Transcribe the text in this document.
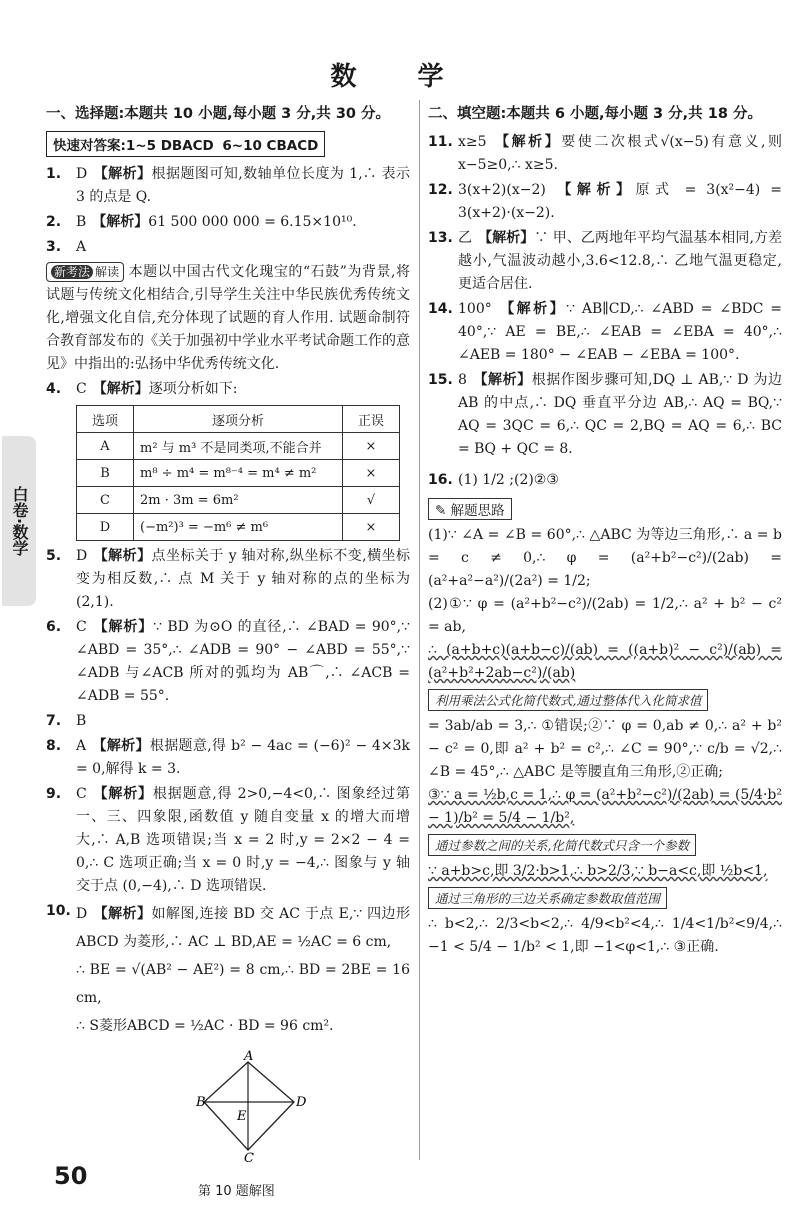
数 学
白卷·数学
一、选择题:本题共 10 小题,每小题 3 分,共 30 分。
快速对答案:1~5 DBACD 6~10 CBACD
1.	D 【解析】根据题图可知,数轴单位长度为 1,∴ 表示 3 的点是 Q.
2.	B 【解析】61 500 000 000 = 6.15×10¹⁰.
3.	A
新考法 解读 本题以中国古代文化瑰宝的“石鼓”为背景,将试题与传统文化相结合,引导学生关注中华民族优秀传统文化,增强文化自信,充分体现了试题的育人作用. 试题命制符合教育部发布的《关于加强初中学业水平考试命题工作的意见》中指出的:弘扬中华优秀传统文化.
4.	C 【解析】逐项分析如下:
选项	逐项分析	正误
A	m² 与 m³ 不是同类项,不能合并	×
B	m⁸ ÷ m⁴ = m⁸⁻⁴ = m⁴ ≠ m²	×
C	2m · 3m = 6m²	√
D	(−m²)³ = −m⁶ ≠ m⁶	×
5.	D 【解析】点坐标关于 y 轴对称,纵坐标不变,横坐标变为相反数,∴ 点 M 关于 y 轴对称的点的坐标为 (2,1).
6.	C 【解析】∵ BD 为⊙O 的直径,∴ ∠BAD = 90°,∵ ∠ABD = 35°,∴ ∠ADB = 90° − ∠ABD = 55°,∵ ∠ADB 与∠ACB 所对的弧均为 AB⌒,∴ ∠ACB = ∠ADB = 55°.
7.	B
8.	A 【解析】根据题意,得 b² − 4ac = (−6)² − 4×3k = 0,解得 k = 3.
9.	C 【解析】根据题意,得 2>0,−4<0,∴ 图象经过第一、三、四象限,函数值 y 随自变量 x 的增大而增大,∴ A,B 选项错误;当 x = 2 时,y = 2×2 − 4 = 0,∴ C 选项正确;当 x = 0 时,y = −4,∴ 图象与 y 轴交于点 (0,−4),∴ D 选项错误.
10. D 【解析】如解图,连接 BD 交 AC 于点 E,∵ 四边形 ABCD 为菱形,∴ AC ⊥ BD,AE = ½AC = 6 cm,
∴ BE = √(AB² − AE²) = 8 cm,∴ BD = 2BE = 16 cm,
∴ S菱形ABCD = ½AC · BD = 96 cm².
A
B
C
D
E
第 10 题解图
二、填空题:本题共 6 小题,每小题 3 分,共 18 分。
11. x≥5 【解析】要使二次根式√(x−5)有意义,则 x−5≥0,∴ x≥5.
12. 3(x+2)(x−2) 【解析】原式 = 3(x²−4) = 3(x+2)·(x−2).
13. 乙 【解析】∵ 甲、乙两地年平均气温基本相同,方差越小,气温波动越小,3.6<12.8,∴ 乙地气温更稳定,更适合居住.
14. 100° 【解析】∵ AB∥CD,∴ ∠ABD = ∠BDC = 40°,∵ AE = BE,∴ ∠EAB = ∠EBA = 40°,∴ ∠AEB = 180° − ∠EAB − ∠EBA = 100°.
15. 8 【解析】根据作图步骤可知,DQ ⊥ AB,∵ D 为边 AB 的中点,∴ DQ 垂直平分边 AB,∴ AQ = BQ,∵ AQ = 3QC = 6,∴ QC = 2,BQ = AQ = 6,∴ BC = BQ + QC = 8.
16. (1) 1/2 ;(2)②③
✎ 解题思路
(1)∵ ∠A = ∠B = 60°,∴ △ABC 为等边三角形,∴ a = b = c ≠ 0,∴ φ = (a²+b²−c²)/(2ab) = (a²+a²−a²)/(2a²) = 1/2;
(2)①∵ φ = (a²+b²−c²)/(2ab) = 1/2,∴ a² + b² − c² = ab,
∴ (a+b+c)(a+b−c)/(ab) = ((a+b)² − c²)/(ab) = (a²+b²+2ab−c²)/(ab)
利用乘法公式化简代数式,通过整体代入化简求值
= 3ab/ab = 3,∴ ①错误;②∵ φ = 0,ab ≠ 0,∴ a² + b² − c² = 0,即 a² + b² = c²,∴ ∠C = 90°,∵ c/b = √2,∴ ∠B = 45°,∴ △ABC 是等腰直角三角形,②正确;
③∵ a = ½b,c = 1,∴ φ = (a²+b²−c²)/(2ab) = (5/4·b² − 1)/b² = 5/4 − 1/b²,
通过参数之间的关系,化简代数式只含一个参数
∵ a+b>c,即 3/2·b>1,∴ b>2/3,∵ b−a<c,即 ½b<1,
通过三角形的三边关系确定参数取值范围
∴ b<2,∴ 2/3<b<2,∴ 4/9<b²<4,∴ 1/4<1/b²<9/4,∴ −1 < 5/4 − 1/b² < 1,即 −1<φ<1,∴ ③正确.
50
